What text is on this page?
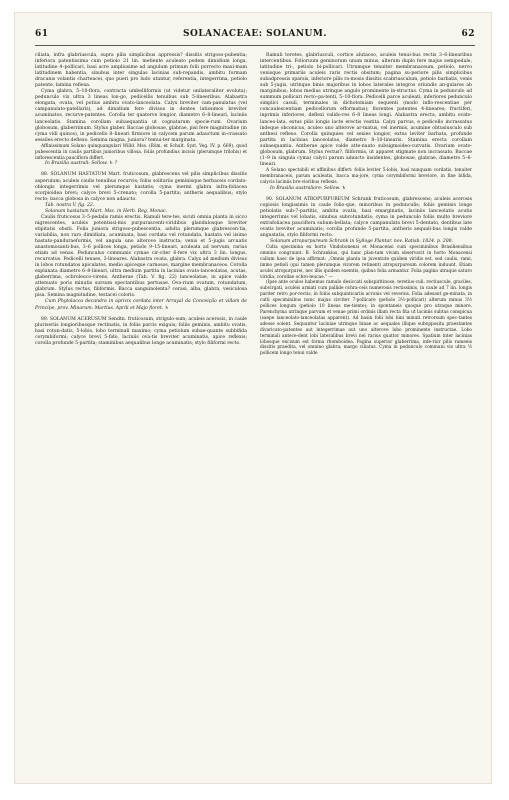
61	SOLANACEAE: SOLANUM.	62

ciliata, infra glabriuscula, supra pilis simplicibus appressis? dissitis strigoso-pubentia; inferiora patentissima cum petiolo 21 lin. metiente aculeato pedem dimidium longa, latitudine 4–pollicari, basi acre ampliusime ad angulum primum folii porrecto maxi-mam latitudinem habentia, sinubus inter singulas lacinias sub-repandis, ambitu formam dracunis volantis charteacei, quo pueri pro ludo utuntur, referentia, integerrima, petiolo patente, lamina reflexa.

Cyma glabra, 5–10-flora, contracta umbelliformis (ut videtur unilateraliter evoluta); pedunculo vix ultra 3 lineas lon-go, pedicellis tenuibus sub 5-lineeribus. Alabastra elongata, ovata, vel potius ambitu ovato-lanceolata. Calyx breviter cam-panulatus (vel campanulato-patellaris), ad dimidium fere divisus in dentes latissimos breviter acuminatos, recurve-patentes. Corolla ter quaterve longior, diametro 6–8-lineari, laciniis lanceolatis. Stamina corollam subaequantia ut cognatarum specie-rum. Ovarium globosum, glaberrimum. Stylus glaber. Baccae globosae, glabrae, pisi fere magnitudine (in cyma vidi quinos), in pedicello 8–lineari firmiore in calycem parum adauctum in-crassato sessiles erecto deflexo. Semina magna, juniora? temui-ter marginata.

Affinissimum Solano quinquangulari Willd. Mss. (Röm. et Schult. Syst. Veg. IV. p. 669), quod pubescentia in caulis partibus junioribus villosa, foliis profundius incisis (plerumque trilobis) et inflorescentia pauciflora differt.

In Brasilia australi: Sellow. ♄ ?

88. SOLANUM HASTATUM Mart. fruticosum, glabrescens vel pilis simplicibus dissitis asperulum; aculeis caulis tenuibus recurvis; foliis solitariis geminisque herbaceis cordato-oblongis integerrimis vel plerumque hastatis; cyma inermi glabra infra-foliacea scorpioidea brevi; calyce brevi 5-crenato; corolla 5-partita; antheris aequalibus; stylo recto; bacca globosa in calyce non adaucto.

Tab. nostra V. fig. 22.

Solanum hastatum Mart. Msc. in Herb. Reg. Monac.

Caulis fruticosus 3–5-pedalis ramis erectis. Ramuli tere-tes, sicuti omnia planta in sicco nigrescentes, aculeis potentissi-mis purpurascenti-viridibus glandulosque breviter stipitatis obsiti. Folia juniora strigoso-pubescentia, adulta plerumque glabrescen-tia, variabilia, non raro dimidiata, acuminata, basi cordata vel rotundata, hastata vel iisimo hastato-panduraeformis, vel angula uno alterove instructa; venis et 5–jugis arcuatis anastomosanti-bus, 3–6 pollices longa, petiolo 9–15-lineari, aculeata ad nervum, rarius etiam ad venas. Pedunculus communis cymae cir-citer 6-fere vix ultra 3 lin. longus, recurvatus. Pedicelli tenues, 3-lineares. Alabastra ovata, glabra. Calyx ad medium divisus in lobos rotundatos apiculatos, medio apiceque carnosos, margine membranaceos. Corolla explanata diametro 6–8-lineari, ultra medium partita in lacinias ovato-lanceolatas, acutas, glaberrima, ochroleuco-virens. Antherae (Tab. V. fig. 22) lanceolatae, in apice valde attenuato poris minutis sursum spectantibus pertusae. Ova-rium ovatum, rotundatum, glabrum. Stylus rectus, filiformis. Bacca sanguinolenta? cerasi, alba, glabra, vesiculosa pisa. Semina magnitudine, testacei coloris.

Cum Phytolacca decandra in apricis cordata inter Arrayal da Conceição et villam de Principe, prov. Minarum: Martius. Aprili et Majo floret. ♄

89. SOLANUM ACERUSUM Sendtn. fruticosum, strigulo-sum; aculeis acerosis, in caule pluriseriis longioribusque rectinatis, in foliis parcis exiguis; foliis geminis, ambitu ovatis, basi rotun-datis, 5-lobis, lobo terminali maximo; cyma petiolum subae-quante subbifida corymbiformi; calyce brevi 5-fido, laciniis ova-tis breviter acuminatis, apice reflexis; corolla profunde 5-partita; staminibus aequalibus longe acuminatis; stylo filiformi recto.

Ramuli teretes, glabriusculi, cortice alutaceo, aculeis tenui-bus rectis 3–6-linearibus intercentibus. Folioruum geminorum unum minus, alterum duplo fere majus semipedale, latitudine tri-, petiolo bi-pollicari. Utrumque tenuiter membranaceum, petiolo, nervo venisque primariis aculeis raris rectis obsitum; pagina su-periore pilis simplicibus subadpressis sparsis, inferiore pilis ra-mosis dissitis scabriusculum, petiolo barbatis, venis sub 5-jugis, utrinque binis majoribus in lobos laterales integros oriundis an-gulares ab marginibus; lobus medius utrinque angulo prominente in-structus. Cyma in pedunculo ad summum pollicari recto–pa-tenti, 5–10-flora. Pedicelli parce aculeati, inferiores pedunculo simplici casuli, terminales in dichotomiam sequenti (modo inflo-rescentiae per concaulescentiam pedicellorum efformatus); florentes patentes 4-lineares; fructiferi, inprimis inferiores, deflexi valido-res 6–8 lineas longi. Alabastra erecta, ambitu ovato-lanceo-lata, extus pilis longis lacte erectis vestita. Calyx parvus, e pedicello incrassatus indeque obconicus, aculeo uno alterove ar-matus, vel inermis, acumine obtusiusculo sub anthesi reflexo. Corolla quinquies vel sexies longior, extus leviter barbata, profunde partita in lacinias lanceolatas, diametro 8–10-linearis. Stamina erecta corollam subaequantia. Antherae apice valde atte-nuato subsigmoideo-curvatis. Ovarium ovato-globosum, glabrum. Stylus rectus?, filiformis, ut apparet stigmate non incrassato. Baccae (1–9 in singula cyma) calyci parum adaucto insidentes, globosae, glabrae, diametro 5–6-lineari.

A Solano spectabili et affinibus differt: foliis leviter 5-lobis, basi nunquam cordatis, tenuiter membranaceis, parum aculeatis, bacca ma-jore, cyma corymbiformi breviore, in fine bifida, calycis laciniis bre-vioribus reflexis.

In Brasilia australiore: Sellow. ♄

90. SOLANUM ATROPURPUREUM Schrank fruticosum, glabrescens; aculeis acerosis copiosis longissimis in caule folio-que, minoribus in pedunculis; foliis geminis longe petiolatis sub-7-partitis, ambitu ovatis, basi emarginatis, laciniis lanceolatis acutis integerrimis vel lobatis, sinubus subrotundatis; cyma in pedunculo foliis multo breviore extrafoliacea pauciflora subum-bellata; calyce campanulato brevi 5-dentato, dentibus late ovatis breviter acuminatis; corolla profunde 5-partita, antheris aequali-bus longis valde angustatis, stylo filiformi recto.

Solanum atropurpureum Schrank in Sylloge Plantar. nov. Ratisb. 1824. p. 200.

Culta specimina ex horto Vindobonensi et Monacensi cum speciminibus Brasiliensibus omnino congruunt. B. Schrankius, qui hanc plan-tam vivam observavit in horto Monacensi callum haec de ipsa affirmat: „Omnis planta in juventute quidem viridis est, sed caulis, rami, immo petioli (qui tamen plerumque virorem retinent) atropurpureum colorem induunt. Etiam aculei atropurpurei, nec illis quidem exemtis, quibus folia armantur. Folia pagina utraque saturo viridia; corollae ochro-leucae.“ —

(Ipse ante oculos habemus ramulo desiccati subspiritinose, teretius-culi, rectiuscule, graciles, subvirgati, aculeis armati cum pallide ochra-ceis numerosis rectissimis, in caule ad 7 lin. longis pariter retro por-rectis, in foliis subquinticariis acronis vel reversis. Folia adesant ge-minata, in culti speciminibus nunc majus circiter 7-pollicare (petiolo 3½-pollicari) alterum minus 3½ pollices longum (petiolo 10 lineas me-tiente); in spontaneis quoque pro utraque minore. Parenchyma utrinque parvum et venae primi ordinis illam recta fita ut laciniis subtus conspicua (saepe lanceolato-lanceolatas apparent). Ad basin folii lobi bini minuti retrorsum spec-tantes adesse solent. Sequuntur laciniae utrinque binae ac aequales illique subopposita praestantes divaricato-patentes aut integerrimae aut uno alterove lobo prominente instructae. Lobo terminali antece-dent lobi lateralibus brevi nel rarius quattor minores. Spatium inter lacinias lobosque excisum est forma rhomboidea. Pagina superior glaberrima, infe-rior pilis rameeis dissitis praedita, vel omnino glabra; margo ciliatus. Cyma in pedunculo communi vix ultra ½ pollicem longo tenui valde
